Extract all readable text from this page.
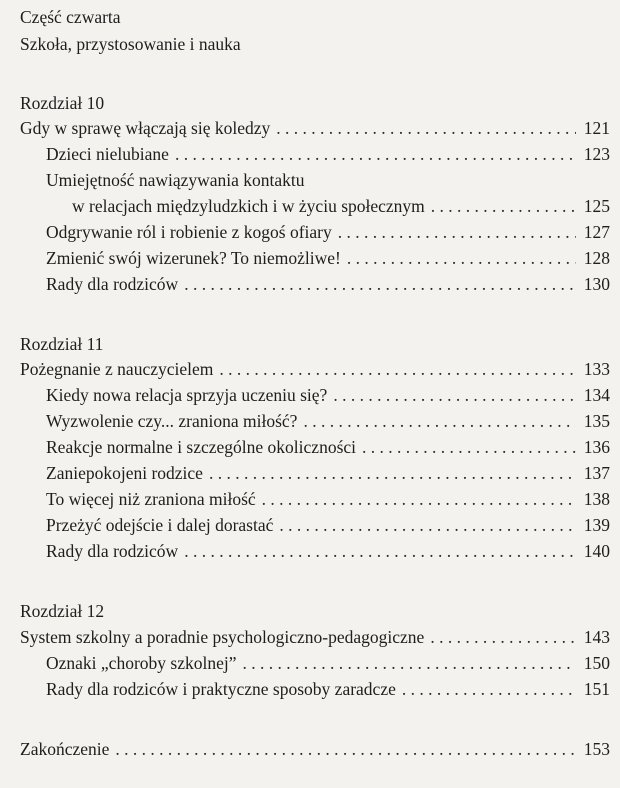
Część czwarta
Szkoła, przystosowanie i nauka
Rozdział 10
Gdy w sprawę włączają się koledzy . . .	121
Dzieci nielubiane . . .	123
Umiejętność nawiązywania kontaktu
w relacjach międzyludzkich i w życiu społecznym . . .	125
Odgrywanie ról i robienie z kogoś ofiary . . .	127
Zmienić swój wizerunek? To niemożliwe! . . .	128
Rady dla rodziców . . .	130
Rozdział 11
Pożegnanie z nauczycielem . . .	133
Kiedy nowa relacja sprzyja uczeniu się? . . .	134
Wyzwolenie czy... zraniona miłość? . . .	135
Reakcje normalne i szczególne okoliczności . . .	136
Zaniepokojeni rodzice . . .	137
To więcej niż zraniona miłość . . .	138
Przeżyć odejście i dalej dorastać . . .	139
Rady dla rodziców . . .	140
Rozdział 12
System szkolny a poradnie psychologiczno-pedagogiczne . . .	143
Oznaki „choroby szkolnej” . . .	150
Rady dla rodziców i praktyczne sposoby zaradcze . . .	151
Zakończenie . . .	153
